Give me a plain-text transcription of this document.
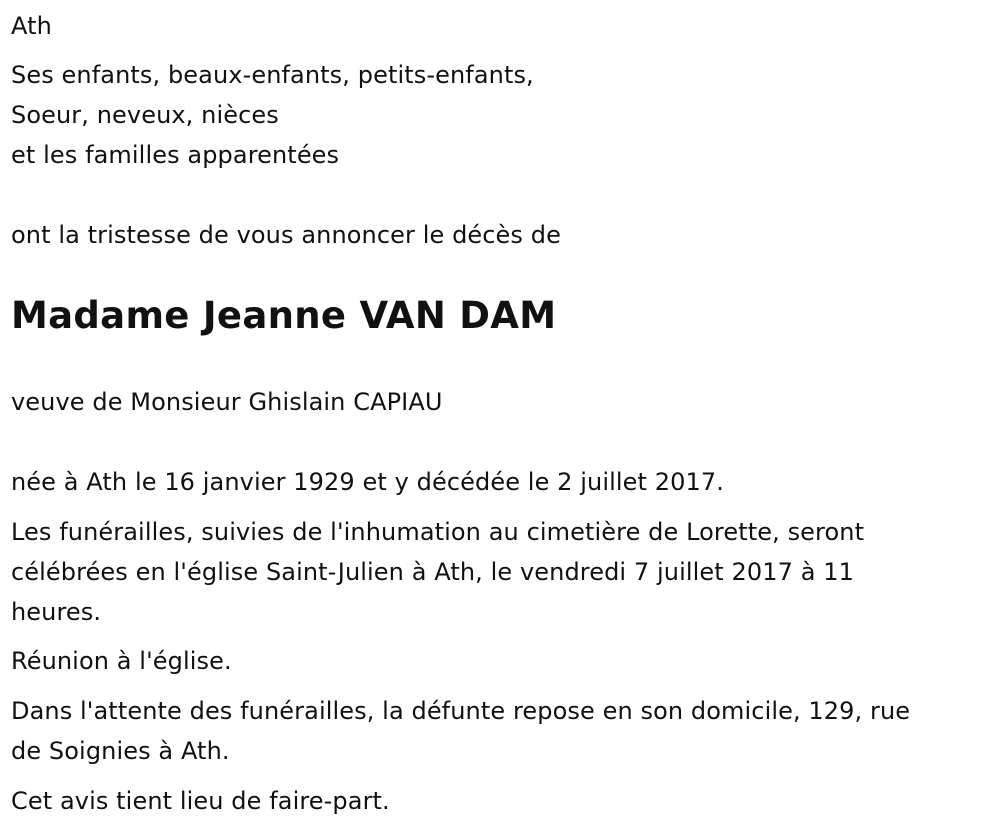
Ath
Ses enfants, beaux-enfants, petits-enfants,
Soeur, neveux, nièces
et les familles apparentées
ont la tristesse de vous annoncer le décès de
Madame Jeanne VAN DAM
veuve de Monsieur Ghislain CAPIAU
née à Ath le 16 janvier 1929 et y décédée le 2 juillet 2017.
Les funérailles, suivies de l'inhumation au cimetière de Lorette, seront
célébrées en l'église Saint-Julien à Ath, le vendredi 7 juillet 2017 à 11
heures.
Réunion à l'église.
Dans l'attente des funérailles, la défunte repose en son domicile, 129, rue
de Soignies à Ath.
Cet avis tient lieu de faire-part.
